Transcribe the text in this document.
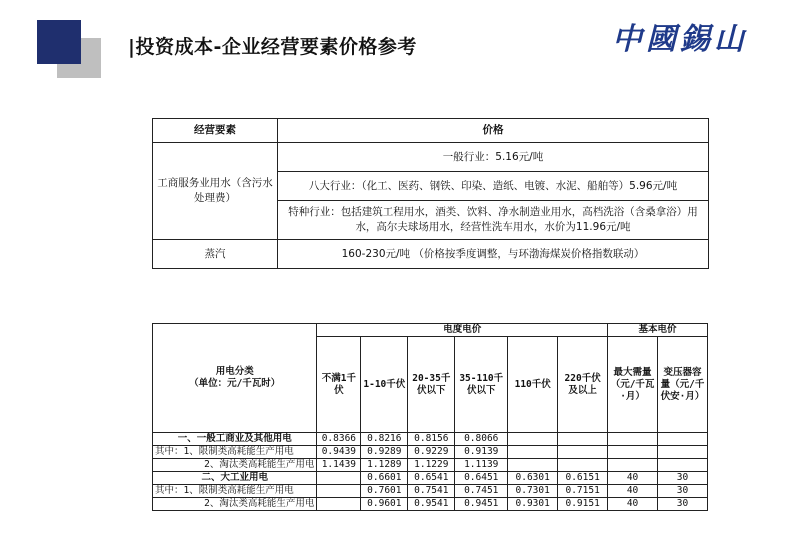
|投资成本-企业经营要素价格参考	中國錫山
经营要素	价格
工商服务业用水（含污水处理费）	一般行业：5.16元/吨
	八大行业：（化工、医药、钢铁、印染、造纸、电镀、水泥、船舶等）5.96元/吨
	特种行业：包括建筑工程用水，酒类、饮料、净水制造业用水，高档洗浴（含桑拿浴）用水，高尔夫球场用水，经营性洗车用水，水价为11.96元/吨
蒸汽	160-230元/吨 （价格按季度调整，与环渤海煤炭价格指数联动）
用电分类
（单位：元/千瓦时）	电度电价						基本电价	
	不满1千伏	1-10千伏	20-35千伏以下	35-110千伏以下	110千伏	220千伏及以上	最大需量（元/千瓦·月）	变压器容量（元/千伏安·月）
一、一般工商业及其他用电	0.8366	0.8216	0.8156	0.8066				
其中：1、限制类高耗能生产用电	0.9439	0.9289	0.9229	0.9139				
2、淘汰类高耗能生产用电	1.1439	1.1289	1.1229	1.1139				
二、大工业用电		0.6601	0.6541	0.6451	0.6301	0.6151	40	30
其中：1、限制类高耗能生产用电		0.7601	0.7541	0.7451	0.7301	0.7151	40	30
2、淘汰类高耗能生产用电		0.9601	0.9541	0.9451	0.9301	0.9151	40	30
